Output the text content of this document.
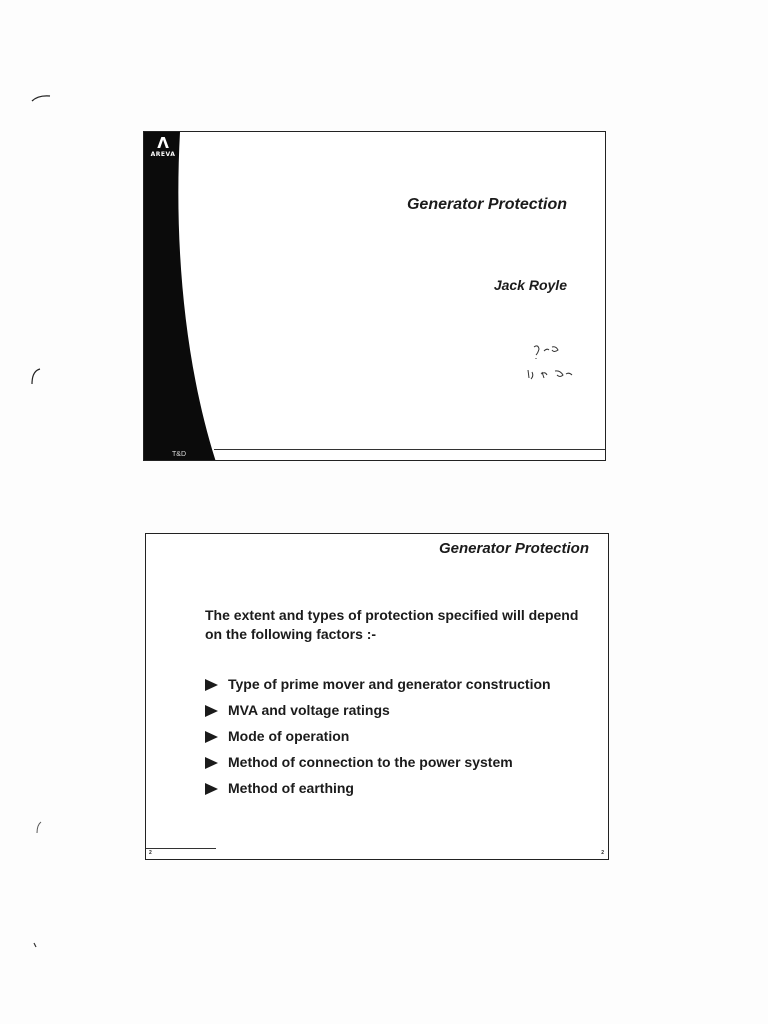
Λ
AREVA
T&D
Generator Protection
Jack Royle
Generator Protection
The extent and types of protection specified will depend on the following factors :-
Type of prime mover and generator construction
MVA and voltage ratings
Mode of operation
Method of connection to the power system
Method of earthing
2	2
